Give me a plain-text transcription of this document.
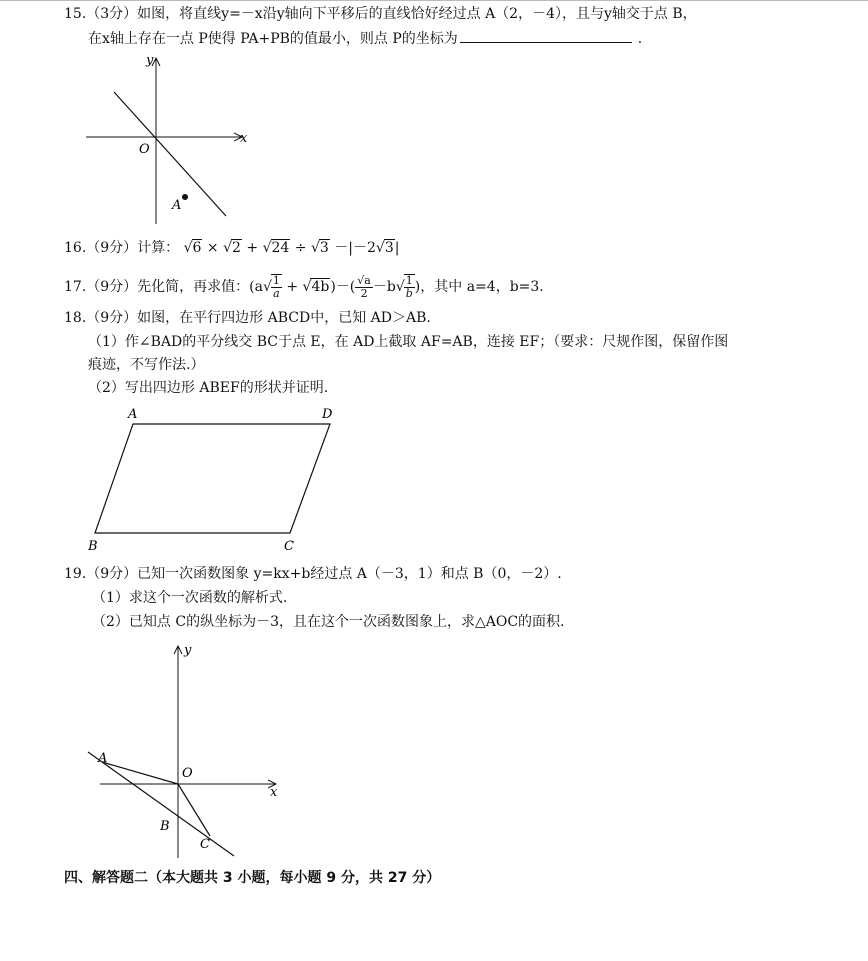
15.（3分）如图，将直线y=－x沿y轴向下平移后的直线恰好经过点 A（2，－4），且与y轴交于点 B，
在x轴上存在一点 P使得 PA+PB的值最小，则点 P的坐标为	.
y
x
O
A
16.（9分）计算： √6 × √2 + √24 ÷ √3 －|－2√3|
17.（9分）先化简，再求值：$(a√ \frac{1}{a} + √4b)-( \frac{√a}{2} -b√ \frac{1}{b}$ )，其中 a=4，b=3.
18.（9分）如图，在平行四边形 ABCD中，已知 AD＞AB.
（1）作∠BAD的平分线交 BC于点 E，在 AD上截取 AF=AB，连接 EF；（要求：尺规作图，保留作图
痕迹，不写作法.）
（2）写出四边形 ABEF的形状并证明.
A	D
B	C
19.（9分）已知一次函数图象 y=kx+b经过点 A（－3，1）和点 B（0，－2）.
（1）求这个一次函数的解析式.
（2）已知点 C的纵坐标为－3，且在这个一次函数图象上，求△AOC的面积.
y
x
O
A
B
C
四、解答题二（本大题共 3 小题，每小题 9 分，共 27 分）
